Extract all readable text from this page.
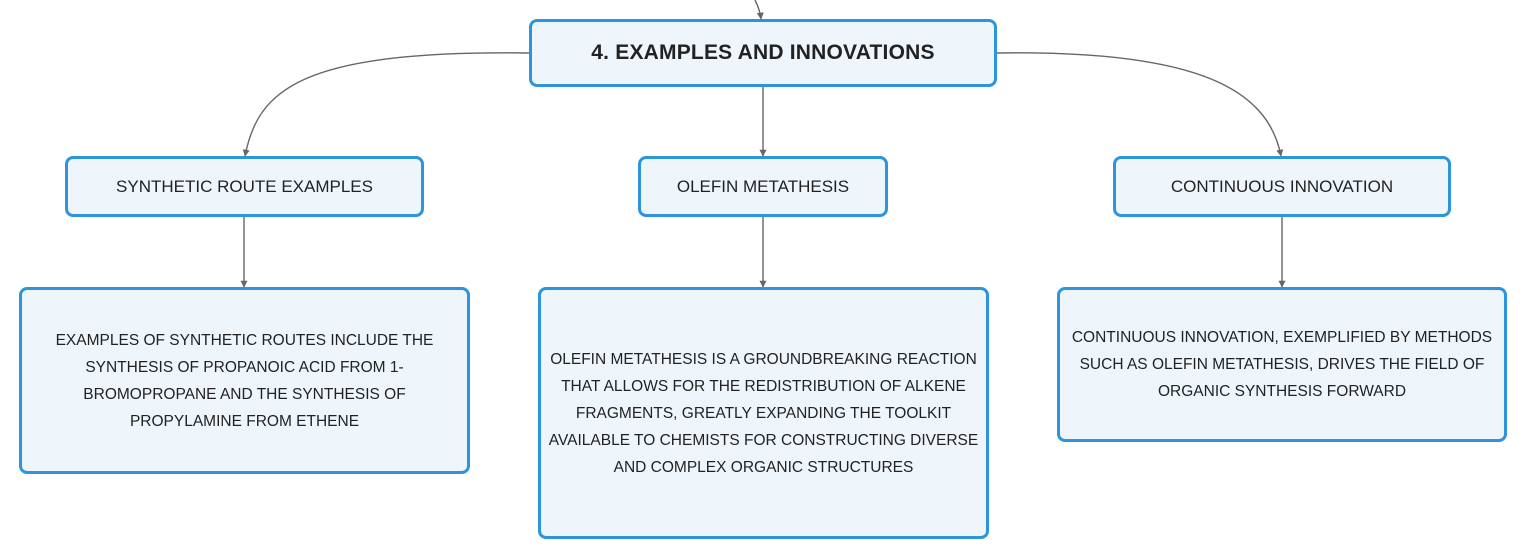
4. EXAMPLES AND INNOVATIONS
SYNTHETIC ROUTE EXAMPLES	OLEFIN METATHESIS	CONTINUOUS INNOVATION
EXAMPLES OF SYNTHETIC ROUTES INCLUDE THE SYNTHESIS OF PROPANOIC ACID FROM 1-BROMOPROPANE AND THE SYNTHESIS OF PROPYLAMINE FROM ETHENE
OLEFIN METATHESIS IS A GROUNDBREAKING REACTION THAT ALLOWS FOR THE REDISTRIBUTION OF ALKENE FRAGMENTS, GREATLY EXPANDING THE TOOLKIT AVAILABLE TO CHEMISTS FOR CONSTRUCTING DIVERSE AND COMPLEX ORGANIC STRUCTURES
CONTINUOUS INNOVATION, EXEMPLIFIED BY METHODS SUCH AS OLEFIN METATHESIS, DRIVES THE FIELD OF ORGANIC SYNTHESIS FORWARD
